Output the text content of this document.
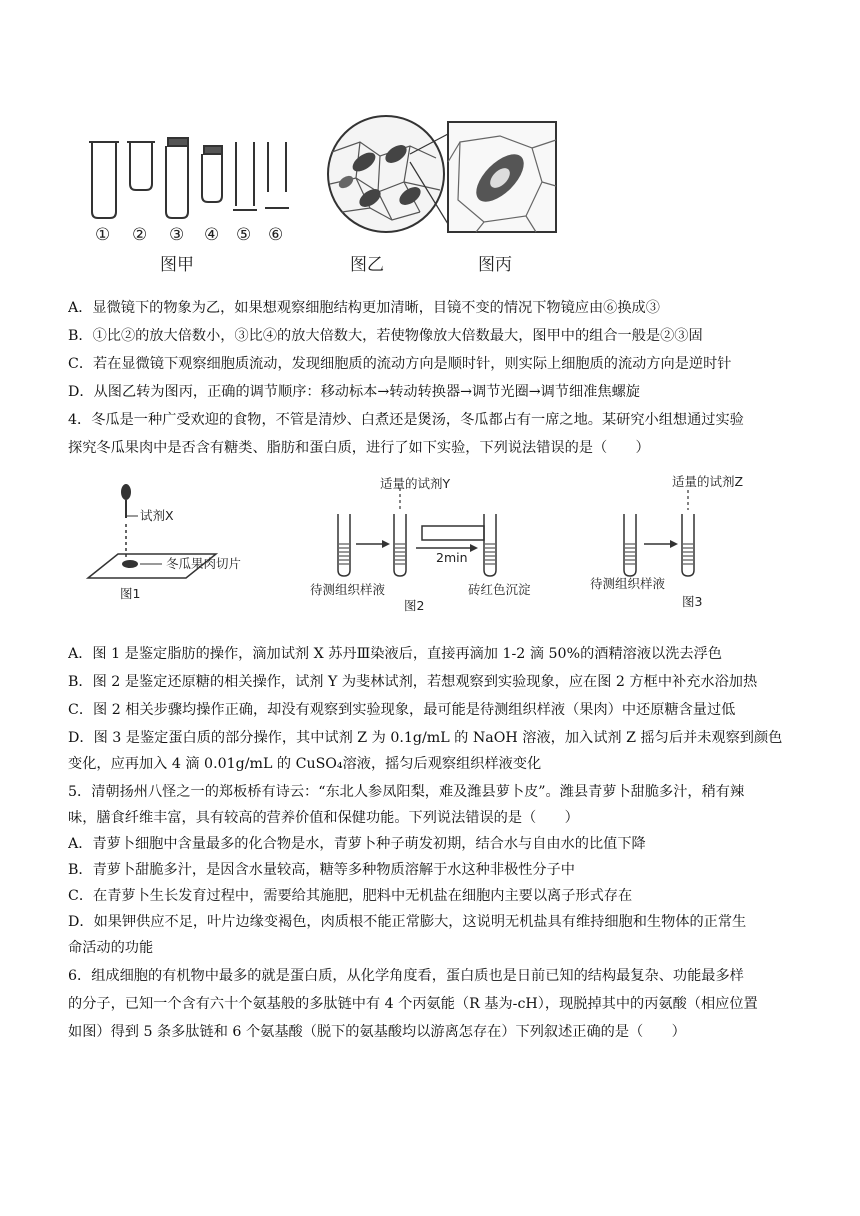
① ② ③ ④ ⑤ ⑥
图甲	图乙	图丙
A．显微镜下的物象为乙，如果想观察细胞结构更加清晰，目镜不变的情况下物镜应由⑥换成③
B．①比②的放大倍数小，③比④的放大倍数大，若使物像放大倍数最大，图甲中的组合一般是②③固
C．若在显微镜下观察细胞质流动，发现细胞质的流动方向是顺时针，则实际上细胞质的流动方向是逆时针
D．从图乙转为图丙，正确的调节顺序：移动标本→转动转换器→调节光圈→调节细准焦螺旋
4．冬瓜是一种广受欢迎的食物，不管是清炒、白煮还是煲汤，冬瓜都占有一席之地。某研究小组想通过实验
探究冬瓜果肉中是否含有糖类、脂肪和蛋白质，进行了如下实验，下列说法错误的是（　　）
试剂X
冬瓜果肉切片
图1
适量的试剂Y
2min
待测组织样液	砖红色沉淀
图2
适量的试剂Z
待测组织样液
图3
A．图 1 是鉴定脂肪的操作，滴加试剂 X 苏丹Ⅲ染液后，直接再滴加 1-2 滴 50%的酒精溶液以洗去浮色
B．图 2 是鉴定还原糖的相关操作，试剂 Y 为斐林试剂，若想观察到实验现象，应在图 2 方框中补充水浴加热
C．图 2 相关步骤均操作正确，却没有观察到实验现象，最可能是待测组织样液（果肉）中还原糖含量过低
D．图 3 是鉴定蛋白质的部分操作，其中试剂 Z 为 0.1g/mL 的 NaOH 溶液，加入试剂 Z 摇匀后并未观察到颜色
变化，应再加入 4 滴 0.01g/mL 的 CuSO₄溶液，摇匀后观察组织样液变化
5．清朝扬州八怪之一的郑板桥有诗云：“东北人参凤阳梨，难及潍县萝卜皮”。潍县青萝卜甜脆多汁，稍有辣
味，膳食纤维丰富，具有较高的营养价值和保健功能。下列说法错误的是（　　）
A．青萝卜细胞中含量最多的化合物是水，青萝卜种子萌发初期，结合水与自由水的比值下降
B．青萝卜甜脆多汁，是因含水量较高，糖等多种物质溶解于水这种非极性分子中
C．在青萝卜生长发育过程中，需要给其施肥，肥料中无机盐在细胞内主要以离子形式存在
D．如果钾供应不足，叶片边缘变褐色，肉质根不能正常膨大，这说明无机盐具有维持细胞和生物体的正常生
命活动的功能
6．组成细胞的有机物中最多的就是蛋白质，从化学角度看，蛋白质也是日前已知的结构最复杂、功能最多样
的分子，已知一个含有六十个氨基般的多肽链中有 4 个丙氨能（R 基为-cH），现脱掉其中的丙氨酸（相应位置
如图）得到 5 条多肽链和 6 个氨基酸（脱下的氨基酸均以游离怎存在）下列叙述正确的是（　　）
